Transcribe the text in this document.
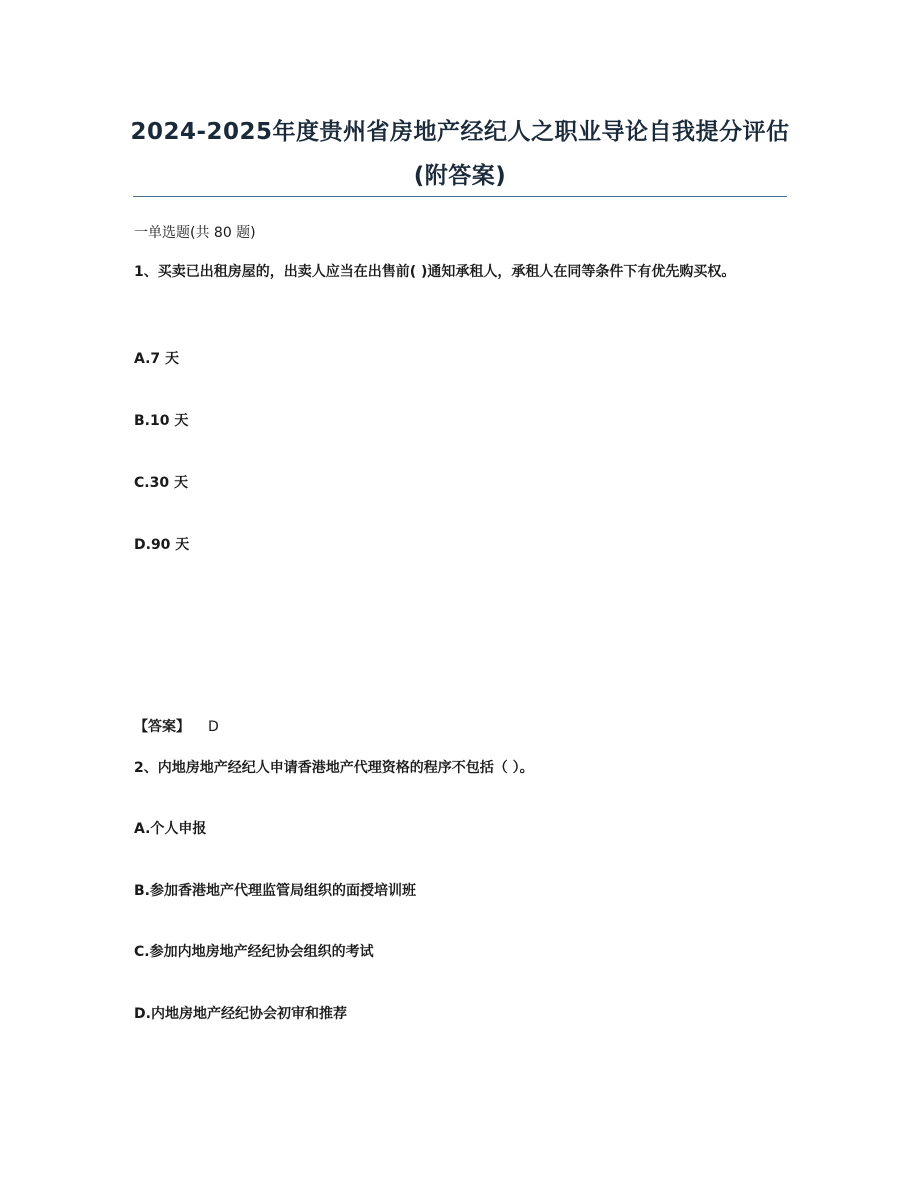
2024-2025年度贵州省房地产经纪人之职业导论自我提分评估(附答案)
一单选题(共 80 题)
1、买卖已出租房屋的，出卖人应当在出售前( )通知承租人，承租人在同等条件下有优先购买权。
A.7 天
B.10 天
C.30 天
D.90 天
【答案】 D
2、内地房地产经纪人申请香港地产代理资格的程序不包括（ ）。
A.个人申报
B.参加香港地产代理监管局组织的面授培训班
C.参加内地房地产经纪协会组织的考试
D.内地房地产经纪协会初审和推荐
